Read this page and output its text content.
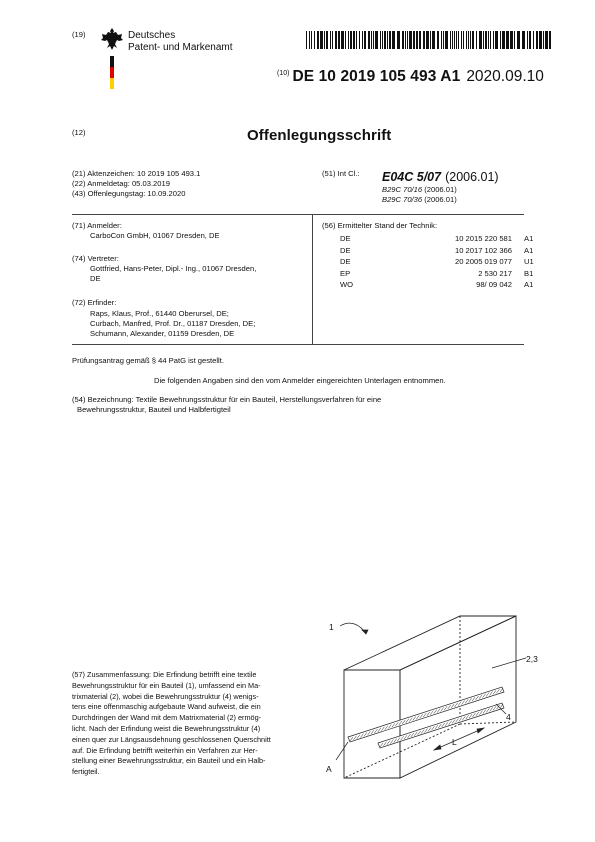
(19)	Deutsches
Patent- und Markenamt
(10) DE 10 2019 105 493 A1 2020.09.10
(12)	Offenlegungsschrift
(21) Aktenzeichen: 10 2019 105 493.1
(22) Anmeldetag: 05.03.2019
(43) Offenlegungstag: 10.09.2020
(51) Int Cl.: E04C 5/07 (2006.01)
B29C 70/16 (2006.01)
B29C 70/36 (2006.01)
(71) Anmelder:
CarboCon GmbH, 01067 Dresden, DE
(74) Vertreter:
Gottfried, Hans-Peter, Dipl.- Ing., 01067 Dresden,
DE
(72) Erfinder:
Raps, Klaus, Prof., 61440 Oberursel, DE;
Curbach, Manfred, Prof. Dr., 01187 Dresden, DE;
Schumann, Alexander, 01159 Dresden, DE
(56) Ermittelter Stand der Technik:
DE	10 2015 220 581	A1
DE	10 2017 102 366	A1
DE	20 2005 019 077	U1
EP	2 530 217	B1
WO	98/ 09 042	A1
Prüfungsantrag gemäß § 44 PatG ist gestellt.
Die folgenden Angaben sind den vom Anmelder eingereichten Unterlagen entnommen.
(54) Bezeichnung: Textile Bewehrungsstruktur für ein Bauteil, Herstellungsverfahren für eine
Bewehrungsstruktur, Bauteil und Halbfertigteil
(57) Zusammenfassung: Die Erfindung betrifft eine textile
Bewehrungsstruktur für ein Bauteil (1), umfassend ein Ma-
trixmaterial (2), wobei die Bewehrungsstruktur (4) wenigs-
tens eine offenmaschig aufgebaute Wand aufweist, die ein
Durchdringen der Wand mit dem Matrixmaterial (2) ermög-
licht. Nach der Erfindung weist die Bewehrungsstruktur (4)
einen quer zur Längsausdehnung geschlossenen Querschnitt
auf. Die Erfindung betrifft weiterhin ein Verfahren zur Her-
stellung einer Bewehrungsstruktur, ein Bauteil und ein Halb-
fertigteil.
1
2,3
4
L
A
